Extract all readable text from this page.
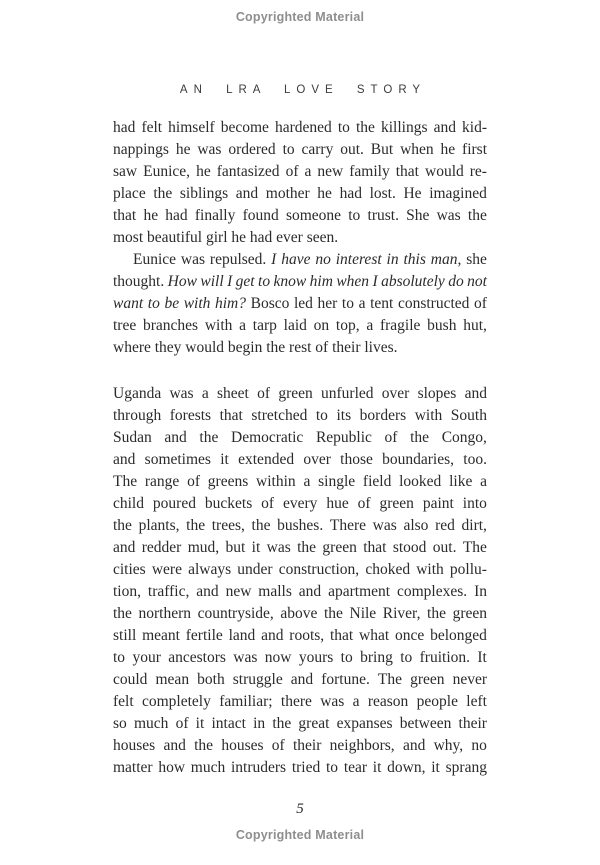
Copyrighted Material
AN LRA LOVE STORY
had felt himself become hardened to the killings and kid-
nappings he was ordered to carry out. But when he first
saw Eunice, he fantasized of a new family that would re-
place the siblings and mother he had lost. He imagined
that he had finally found someone to trust. She was the
most beautiful girl he had ever seen.
Eunice was repulsed. I have no interest in this man, she
thought. How will I get to know him when I absolutely do not
want to be with him? Bosco led her to a tent constructed of
tree branches with a tarp laid on top, a fragile bush hut,
where they would begin the rest of their lives.
Uganda was a sheet of green unfurled over slopes and
through forests that stretched to its borders with South
Sudan and the Democratic Republic of the Congo,
and sometimes it extended over those boundaries, too.
The range of greens within a single field looked like a
child poured buckets of every hue of green paint into
the plants, the trees, the bushes. There was also red dirt,
and redder mud, but it was the green that stood out. The
cities were always under construction, choked with pollu-
tion, traffic, and new malls and apartment complexes. In
the northern countryside, above the Nile River, the green
still meant fertile land and roots, that what once belonged
to your ancestors was now yours to bring to fruition. It
could mean both struggle and fortune. The green never
felt completely familiar; there was a reason people left
so much of it intact in the great expanses between their
houses and the houses of their neighbors, and why, no
matter how much intruders tried to tear it down, it sprang
5
Copyrighted Material
